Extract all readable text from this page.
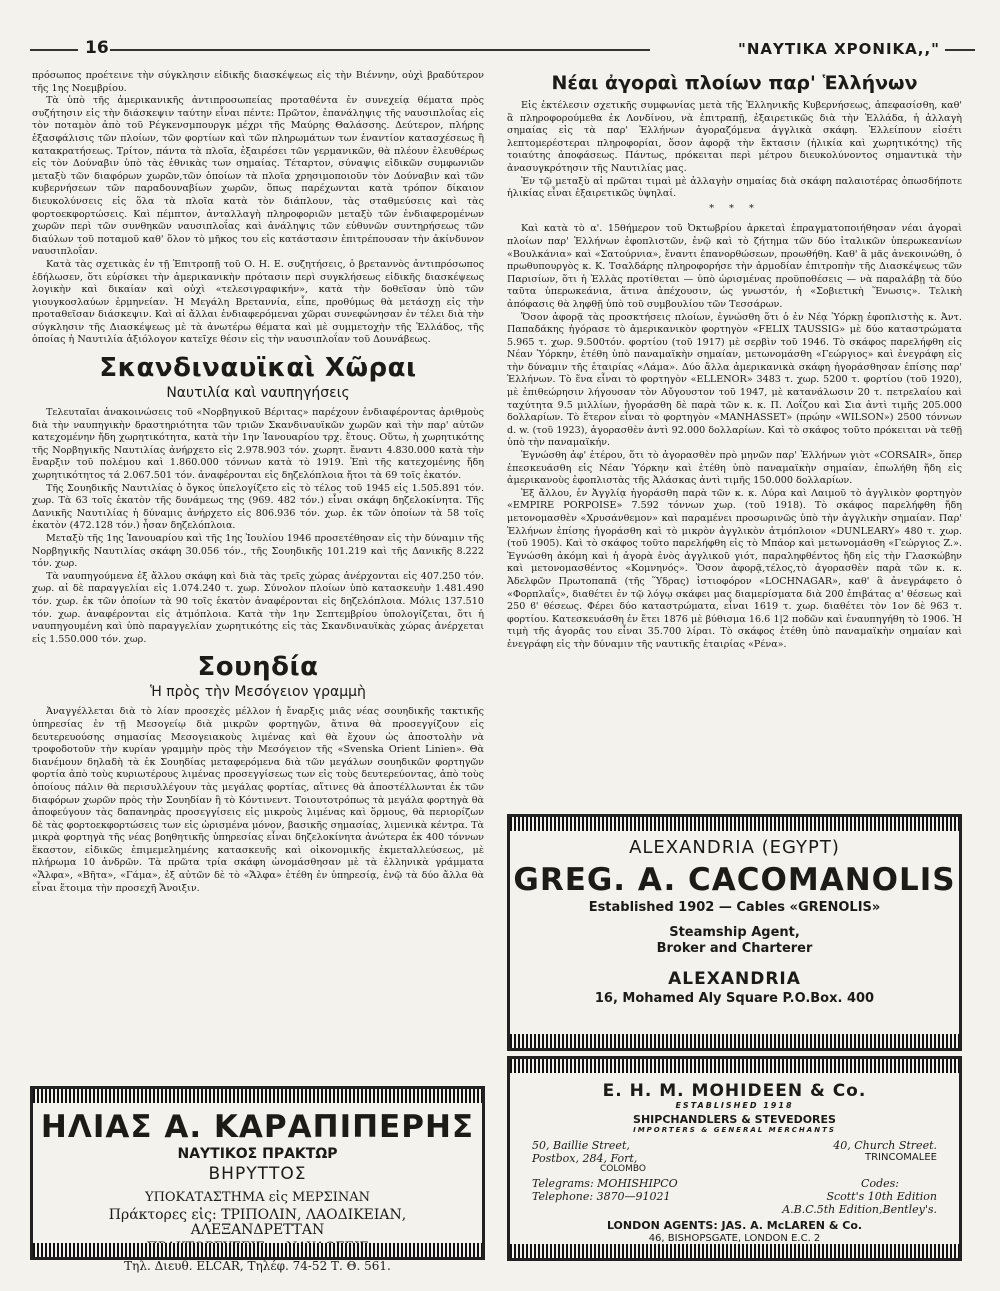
16	"ΝΑΥΤΙΚΑ ΧΡΟΝΙΚΑ,,"

πρόσωπος προέτεινε τὴν σύγκλησιν εἰδικῆς διασκέψεως εἰς τὴν Βιέννην, οὐχὶ βραδύτερον τῆς 1ης Νοεμβρίου.

Τὰ ὑπὸ τῆς ἀμερικανικῆς ἀντιπροσωπείας προταθέντα ἐν συνεχείᾳ θέματα πρὸς συζήτησιν εἰς τὴν διάσκεψιν ταύτην εἶναι πέντε: Πρῶτον, ἐπανάληψις τῆς ναυσιπλοΐας εἰς τὸν ποταμὸν ἀπὸ τοῦ Ρέγκενσμπουργκ μέχρι τῆς Μαύρης Θαλάσσης. Δεύτερον, πλήρης ἐξασφάλισις τῶν πλοίων, τῶν φορτίων καὶ τῶν πληρωμάτων των ἐναντίον κατασχέσεως ἢ κατακρατήσεως. Τρίτον, πάντα τὰ πλοῖα, ἐξαιρέσει τῶν γερμανικῶν, θὰ πλέουν ἐλευθέρως εἰς τὸν Δούναβιν ὑπὸ τὰς ἐθνικὰς των σημαίας. Τέταρτον, σύναψις εἰδικῶν συμφωνιῶν μεταξὺ τῶν διαφόρων χωρῶν,τῶν ὁποίων τὰ πλοῖα χρησιμοποιοῦν τὸν Δούναβιν καὶ τῶν κυβερνήσεων τῶν παραδουναβίων χωρῶν, ὅπως παρέχωνται κατὰ τρόπον δίκαιον διευκολύνσεις εἰς ὅλα τὰ πλοῖα κατὰ τὸν διάπλουν, τὰς σταθμεύσεις καὶ τὰς φορτοεκφορτώσεις. Καὶ πέμπτον, ἀνταλλαγὴ πληροφοριῶν μεταξὺ τῶν ἐνδιαφερομένων χωρῶν περὶ τῶν συνθηκῶν ναυσιπλοΐας καὶ ἀνάληψις τῶν εὐθυνῶν συντηρήσεως τῶν διαύλων τοῦ ποταμοῦ καθ' ὅλον τὸ μῆκος του εἰς κατάστασιν ἐπιτρέπουσαν τὴν ἀκίνδυνον ναυσιπλοΐαν.

Κατὰ τὰς σχετικὰς ἐν τῇ Ἐπιτροπῇ τοῦ Ο. Η. Ε. συζητήσεις, ὁ βρεταννὸς ἀντιπρόσωπος ἐδήλωσεν, ὅτι εὑρίσκει τὴν ἀμερικανικὴν πρότασιν περὶ συγκλήσεως εἰδικῆς διασκέψεως λογικὴν καὶ δικαίαν καὶ οὐχὶ «τελεσιγραφικήν», κατὰ τὴν δοθεῖσαν ὑπὸ τῶν γιουγκοσλαύων ἑρμηνείαν. Ἡ Μεγάλη Βρεταννία, εἶπε, προθύμως θὰ μετάσχῃ εἰς τὴν προταθεῖσαν διάσκεψιν. Καὶ αἱ ἄλλαι ἐνδιαφερόμεναι χῶραι συνεφώνησαν ἐν τέλει διὰ τὴν σύγκλησιν τῆς Διασκέψεως μὲ τὰ ἀνωτέρω θέματα καὶ μὲ συμμετοχὴν τῆς Ἑλλάδος, τῆς ὁποίας ἡ Ναυτιλία ἀξιόλογον κατεῖχε θέσιν εἰς τὴν ναυσιπλοΐαν τοῦ Δουνάβεως.

Σκανδιναυϊκαὶ Χῶραι
Ναυτιλία καὶ ναυπηγήσεις

Τελευταῖαι ἀνακοινώσεις τοῦ «Νορβηγικοῦ Βέριτας» παρέχουν ἐνδιαφέροντας ἀριθμοὺς διὰ τὴν ναυπηγικὴν δραστηριότητα τῶν τριῶν Σκανδιναυϊκῶν χωρῶν καὶ τὴν παρ' αὐτῶν κατεχομένην ἤδη χωρητικότητα, κατὰ τὴν 1ην Ἰανουαρίου τρχ. ἔτους. Οὕτω, ἡ χωρητικότης τῆς Νορβηγικῆς Ναυτιλίας ἀνήρχετο εἰς 2.978.903 τόν. χωρητ. ἔναντι 4.830.000 κατὰ τὴν ἔναρξιν τοῦ πολέμου καὶ 1.860.000 τόννων κατὰ τὸ 1919. Ἐπὶ τῆς κατεχομένης ἤδη χωρητικότητος τά 2.067.501 τόν. ἀναφέρονται εἰς δηζελόπλοια ἤτοι τὰ 69 τοῖς ἑκατόν.

Τῆς Σουηδικῆς Ναυτιλίας ὁ ὄγκος ὑπελογίζετο εἰς τὸ τέλος τοῦ 1945 εἰς 1.505.891 τόν. χωρ. Τὰ 63 τοῖς ἑκατὸν τῆς δυνάμεως της (969. 482 τόν.) εἶναι σκάφη δηζελοκίνητα. Τῆς Δανικῆς Ναυτιλίας ἡ δύναμις ἀνήρχετο εἰς 806.936 τόν. χωρ. ἐκ τῶν ὁποίων τὰ 58 τοῖς ἑκατὸν (472.128 τόν.) ἦσαν δηζελόπλοια.

Μεταξὺ τῆς 1ης Ἰανουαρίου καὶ τῆς 1ης Ἰουλίου 1946 προσετέθησαν εἰς τὴν δύναμιν τῆς Νορβηγικῆς Ναυτιλίας σκάφη 30.056 τόν., τῆς Σουηδικῆς 101.219 καὶ τῆς Δανικῆς 8.222 τόν. χωρ.

Τὰ ναυπηγούμενα ἐξ ἄλλου σκάφη καὶ διὰ τὰς τρεῖς χώρας ἀνέρχονται εἰς 407.250 τόν. χωρ. αἱ δὲ παραγγελίαι εἰς 1.074.240 τ. χωρ. Σύνολον πλοίων ὑπὸ κατασκευὴν 1.481.490 τόν. χωρ. ἐκ τῶν ὁποίων τὰ 90 τοῖς ἑκατὸν ἀναφέρονται εἰς δηζελόπλοια. Μόλις 137.510 τόν. χωρ. ἀναφέρονται εἰς ἀτμόπλοια. Κατὰ τὴν 1ην Σεπτεμβρίου ὑπολογίζεται, ὅτι ἡ ναυπηγουμένη καὶ ὑπὸ παραγγελίαν χωρητικότης εἰς τὰς Σκανδιναυϊκὰς χώρας ἀνέρχεται εἰς 1.550.000 τόν. χωρ.

Σουηδία
Ἡ πρὸς τὴν Μεσόγειον γραμμὴ

Ἀναγγέλλεται διὰ τὸ λίαν προσεχὲς μέλλον ἡ ἔναρξις μιᾶς νέας σουηδικῆς τακτικῆς ὑπηρεσίας ἐν τῇ Μεσογείῳ διὰ μικρῶν φορτηγῶν, ἅτινα θὰ προσεγγίζουν εἰς δευτερευούσης σημασίας Μεσογειακοὺς λιμένας καὶ θὰ ἔχουν ὡς ἀποστολὴν νὰ τροφοδοτοῦν τὴν κυρίαν γραμμὴν πρὸς τὴν Μεσόγειον τῆς «Svenska Orient Linien». Θὰ διανέμουν δηλαδὴ τὰ ἐκ Σουηδίας μεταφερόμενα διὰ τῶν μεγάλων σουηδικῶν φορτηγῶν φορτία ἀπὸ τοὺς κυριωτέρους λιμένας προσεγγίσεως των εἰς τοὺς δευτερεύοντας, ἀπὸ τοὺς ὁποίους πάλιν θὰ περισυλλέγουν τὰς μεγάλας φορτίας, αἵτινες θὰ ἀποστέλλωνται ἐκ τῶν διαφόρων χωρῶν πρὸς τὴν Σουηδίαν ἢ τὸ Κόντινεντ. Τοιουτοτρόπως τὰ μεγάλα φορτηγὰ θὰ ἀποφεύγουν τὰς δαπανηρὰς προσεγγίσεις εἰς μικροὺς λιμένας καὶ ὅρμους, θὰ περιορίζων δὲ τὰς φορτοεκφορτώσεις των εἰς ὡρισμένα μόνον, βασικῆς σημασίας, λιμενικὰ κέντρα. Τὰ μικρὰ φορτηγὰ τῆς νέας βοηθητικῆς ὑπηρεσίας εἶναι δηζελοκίνητα ἀνώτερα ἐκ 400 τόννων ἕκαστον, εἰδικῶς ἐπιμεμελημένης κατασκευῆς καὶ οἰκονομικῆς ἐκμεταλλεύσεως, μὲ πλήρωμα 10 ἀνδρῶν. Τὰ πρῶτα τρία σκάφη ὠνομάσθησαν μὲ τὰ ἑλληνικὰ γράμματα «Ἄλφα», «Βῆτα», «Γάμα», ἐξ αὐτῶν δὲ τὸ «Ἄλφα» ἐτέθη ἐν ὑπηρεσίᾳ, ἐνῷ τὰ δύο ἄλλα θὰ εἶναι ἕτοιμα τὴν προσεχῆ Ἄνοιξιν.

Νέαι ἀγοραὶ πλοίων παρ' Ἑλλήνων

Εἰς ἐκτέλεσιν σχετικῆς συμφωνίας μετὰ τῆς Ἑλληνικῆς Κυβερνήσεως, ἀπεφασίσθη, καθ' ἃ πληροφορούμεθα ἐκ Λονδίνου, νὰ ἐπιτραπῇ, ἐξαιρετικῶς διὰ τὴν Ἑλλάδα, ἡ ἀλλαγὴ σημαίας εἰς τὰ παρ' Ἑλλήνων ἀγοραζόμενα ἀγγλικὰ σκάφη. Ἐλλείπουν εἰσέτι λεπτομερέστεραι πληροφορίαι, ὅσον ἀφορᾷ τὴν ἔκτασιν (ἡλικία καὶ χωρητικότης) τῆς τοιαύτης ἀποφάσεως. Πάντως, πρόκειται περὶ μέτρου διευκολύνοντος σημαντικὰ τὴν ἀνασυγκρότησιν τῆς Ναυτιλίας μας.

Ἐν τῷ μεταξὺ αἱ πρῶται τιμαὶ μὲ ἀλλαγὴν σημαίας διὰ σκάφη παλαιοτέρας ὁπωσδήποτε ἡλικίας εἶναι ἐξαιρετικῶς ὑψηλαί.

* * *

Καὶ κατὰ τὸ α'. 15θήμερον τοῦ Ὀκτωβρίου ἀρκεταὶ ἐπραγματοποιήθησαν νέαι ἀγοραὶ πλοίων παρ' Ἑλλήνων ἐφοπλιστῶν, ἐνῷ καὶ τὸ ζήτημα τῶν δύο ἰταλικῶν ὑπερωκεανίων «Βουλκάνια» καὶ «Σατούρνια», ἔναντι ἐπανορθώσεων, προωθήθη. Καθ' ἃ μᾶς ἀνεκοινώθη, ὁ πρωθυπουργὸς κ. Κ. Τσαλδάρης πληροφορήσε τὴν ἁρμοδίαν ἐπιτροπὴν τῆς Διασκέψεως τῶν Παρισίων, ὅτι ἡ Ἑλλὰς προτίθεται — ὑπὸ ὡρισμένας προϋποθέσεις — νὰ παραλάβῃ τὰ δύο ταῦτα ὑπερωκεάνια, ἅτινα ἀπέχουσιν, ὡς γνωστόν, ἡ «Σοβιετικὴ Ἕνωσις». Τελικὴ ἀπόφασις θὰ ληφθῇ ὑπὸ τοῦ συμβουλίου τῶν Τεσσάρων.

Ὅσον ἀφορᾷ τὰς προσκτήσεις πλοίων, ἐγνώσθη ὅτι ὁ ἐν Νέᾳ Ὑόρκῃ ἐφοπλιστὴς κ. Ἀντ. Παπαδάκης ἠγόρασε τὸ ἀμερικανικὸν φορτηγὸν «FELIX TAUSSIG» μὲ δύο καταστρώματα 5.965 τ. χωρ. 9.500τόν. φορτίου (τοῦ 1917) μὲ σερβὶν τοῦ 1946. Τὸ σκάφος παρελήφθη εἰς Νέαν Ὑόρκην, ἐτέθη ὑπὸ παναμαϊκὴν σημαίαν, μετωνομάσθη «Γεώργιος» καὶ ἐνεγράφη εἰς τὴν δύναμιν τῆς ἑταιρίας «Λάμα». Δύο ἄλλα ἀμερικανικὰ σκάφη ἠγοράσθησαν ἐπίσης παρ' Ἑλλήνων. Τὸ ἕνα εἶναι τὸ φορτηγὸν «ELLENOR» 3483 τ. χωρ. 5200 τ. φορτίου (τοῦ 1920), μὲ ἐπιθεώρησιν λήγουσαν τὸν Αὔγουστον τοῦ 1947, μὲ κατανάλωσιν 20 τ. πετρελαίου καὶ ταχύτητα 9.5 μιλλίων, ἠγοράσθη δὲ παρὰ τῶν κ. κ. Π. Λοΐζου καὶ Σια ἀντὶ τιμῆς 205.000 δολλαρίων. Τὸ ἕτερον εἶναι τὸ φορτηγὸν «MANHASSET» (πρώην «WILSON») 2500 τόννων d. w. (τοῦ 1923), ἀγορασθὲν ἀντὶ 92.000 δολλαρίων. Καὶ τὸ σκάφος τοῦτο πρόκειται νὰ τεθῇ ὑπὸ τὴν παναμαϊκήν.

Ἐγνώσθη ἀφ' ἑτέρου, ὅτι τὸ ἀγορασθὲν πρὸ μηνῶν παρ' Ἑλλήνων γιὸτ «CORSAIR», ὅπερ ἐπεσκευάσθη εἰς Νέαν Ὑόρκην καὶ ἐτέθη ὑπὸ παναμαϊκὴν σημαίαν, ἐπωλήθη ἤδη εἰς ἀμερικανοὺς ἐφοπλιστὰς τῆς Ἀλάσκας ἀντὶ τιμῆς 150.000 δολλαρίων.

Ἐξ ἄλλου, ἐν Ἀγγλίᾳ ἠγοράσθη παρὰ τῶν κ. κ. Λύρα καὶ Λαιμοῦ τὸ ἀγγλικὸν φορτηγὸν «EMPIRE PORPOISE» 7.592 τόννων χωρ. (τοῦ 1918). Τὸ σκάφος παρελήφθη ἤδη μετονομασθὲν «Χρυσάνθεμον» καὶ παραμένει προσωρινῶς ὑπὸ τὴν ἀγγλικὴν σημαίαν. Παρ' Ἑλλήνων ἐπίσης ἠγοράσθη καὶ τὸ μικρὸν ἀγγλικὸν ἀτμόπλοιον «DUNLEARY» 480 τ. χωρ. (τοῦ 1905). Καὶ τὸ σκάφος τοῦτο παρελήφθη εἰς τὸ Μπάορ καὶ μετωνομάσθη «Γεώργιος Ζ.». Ἐγνώσθη ἀκόμη καὶ ἡ ἀγορὰ ἑνὸς ἀγγλικοῦ γιότ, παραληφθέντος ἤδη εἰς τὴν Γλασκώβην καὶ μετονομασθέντος «Κομνηνός». Ὅσον ἀφορᾷ,τέλος,τὸ ἀγορασθὲν παρὰ τῶν κ. κ. Ἀδελφῶν Πρωτοπαπᾶ (τῆς Ὕδρας) ἱστιοφόρον «LOCHNAGAR», καθ' ἃ ἀνεγράφετο ὁ «Φορπλαΐς», διαθέτει ἐν τῷ λόγῳ σκάφει μας διαμερίσματα διὰ 200 ἐπιβάτας α' θέσεως καὶ 250 ϐ' θέσεως. Φέρει δύο καταστρώματα, εἶναι 1619 τ. χωρ. διαθέτει τὸν 1ον δὲ 963 τ. φορτίου. Κατεσκευάσθη ἐν ἔτει 1876 μὲ βύθισμα 16.6 1|2 ποδῶν καὶ ἐναυπηγήθη τὸ 1906. Ἡ τιμὴ τῆς ἀγορᾶς του εἶναι 35.700 λίραι. Τὸ σκάφος ἐτέθη ὑπὸ παναμαϊκὴν σημαίαν καὶ ἐνεγράφη εἰς τὴν δύναμιν τῆς ναυτικῆς ἑταιρίας «Ρένα».

ΗΛΙΑΣ Α. ΚΑΡΑΠΙΠΕΡΗΣ
ΝΑΥΤΙΚΟΣ ΠΡΑΚΤΩΡ
ΒΗΡΥΤΤΟΣ
ΥΠΟΚΑΤΑΣΤΗΜΑ εἰς ΜΕΡΣΙΝΑΝ
Πράκτορες εἰς: ΤΡΙΠΟΛΙΝ, ΛΑΟΔΙΚΕΙΑΝ,
ΑΛΕΞΑΝΔΡΕΤΤΑΝ
Τηλ. Διευθ. ELCAR, Τηλέφ. 74-52 Τ. Θ. 561.
ALEXANDRIA (EGYPT)
GREG. A. CACOMANOLIS
Established 1902 — Cables «GRENOLIS»
Steamship Agent,
Broker and Charterer
ALEXANDRIA
16, Mohamed Aly Square P.O.Box. 400
E. H. M. MOHIDEEN & Co.
ESTABLISHED 1918
SHIPCHANDLERS & STEVEDORES
IMPORTERS & GENERAL MERCHANTS
50, Baillie Street,
Postbox, 284, Fort,
40, Church Street.
TRINCOMALEE
COLOMBO
Telegrams: MOHISHIPCO
Telephone: 3870—91021
Codes:
Scott's 10th Edition
A.B.C.5th Edition,Bentley's.
LONDON AGENTS: JAS. A. McLAREN & Co.
46, BISHOPSGATE, LONDON E.C. 2
